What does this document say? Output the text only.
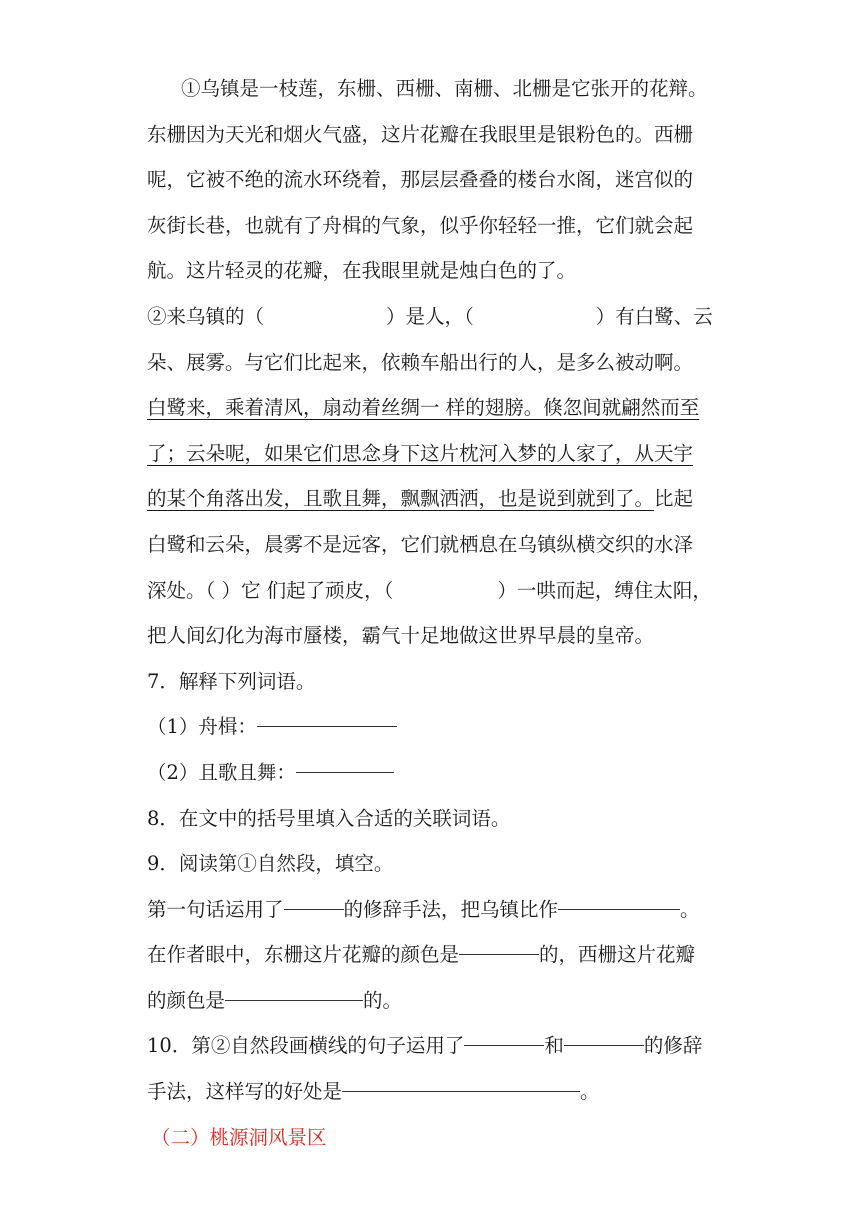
①乌镇是一枝莲，东栅、西栅、南栅、北栅是它张开的花辩。
东栅因为天光和烟火气盛，这片花瓣在我眼里是银粉色的。西栅
呢，它被不绝的流水环绕着，那层层叠叠的楼台水阁，迷宫似的
灰街长巷，也就有了舟楫的气象，似乎你轻轻一推，它们就会起
航。这片轻灵的花瓣，在我眼里就是烛白色的了。
②来乌镇的（	）是人，（	）有白鹭、云
朵、展雾。与它们比起来，依赖车船出行的人，是多么被动啊。
白鹭来，乘着清风，扇动着丝绸一 样的翅膀。倏忽间就翩然而至
了；云朵呢，如果它们思念身下这片枕河入梦的人家了，从天宇
的某个角落出发，且歌且舞，飘飘洒洒，也是说到就到了。比起
白鹭和云朵，晨雾不是远客，它们就栖息在乌镇纵横交织的水泽
深处。（ ）它 们起了顽皮，（	）一哄而起，缚住太阳，
把人间幻化为海市蜃楼，霸气十足地做这世界早晨的皇帝。
7．解释下列词语。
（1）舟楫：
（2）且歌且舞：
8．在文中的括号里填入合适的关联词语。
9．阅读第①自然段，填空。
第一句话运用了	的修辞手法，把乌镇比作	。
在作者眼中，东栅这片花瓣的颜色是	的，西栅这片花瓣
的颜色是	的。
10．第②自然段画横线的句子运用了	和	的修辞
手法，这样写的好处是	。
（二）桃源洞风景区
